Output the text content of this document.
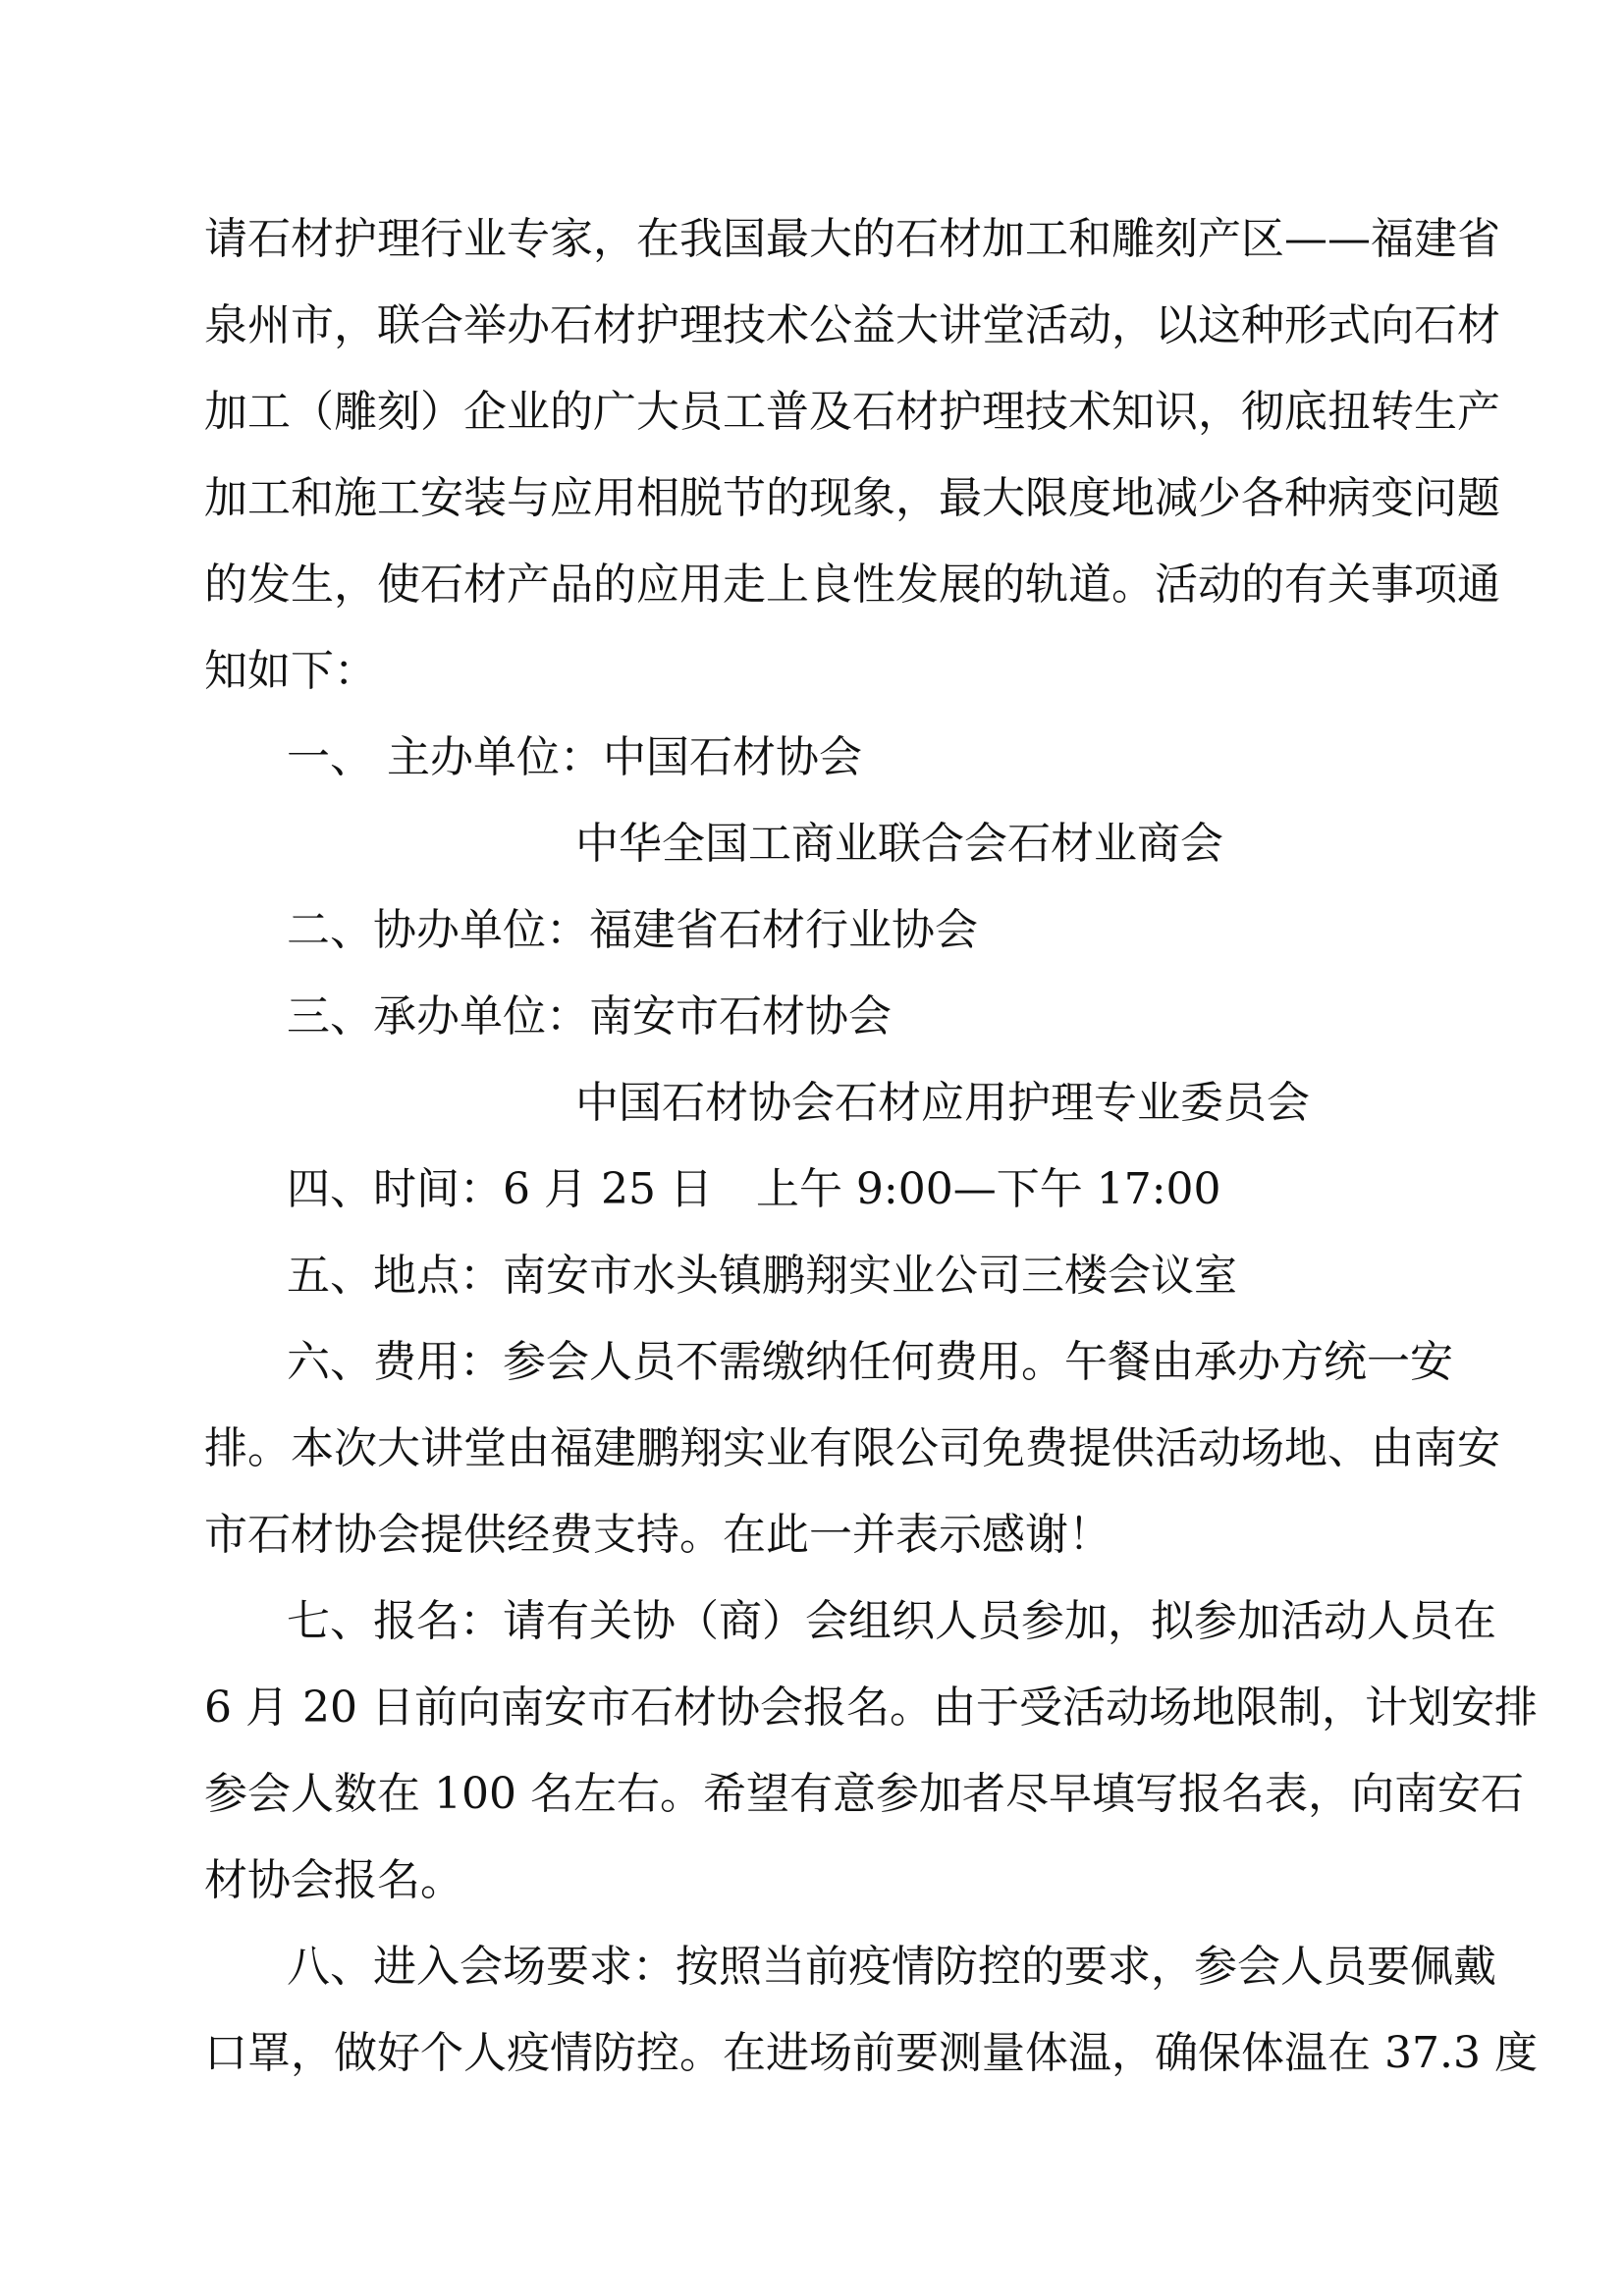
请石材护理行业专家，在我国最大的石材加工和雕刻产区——福建省
泉州市，联合举办石材护理技术公益大讲堂活动，以这种形式向石材
加工（雕刻）企业的广大员工普及石材护理技术知识，彻底扭转生产
加工和施工安装与应用相脱节的现象，最大限度地减少各种病变问题
的发生，使石材产品的应用走上良性发展的轨道。活动的有关事项通
知如下：
一、 主办单位：中国石材协会
中华全国工商业联合会石材业商会
二、协办单位：福建省石材行业协会
三、承办单位：南安市石材协会
中国石材协会石材应用护理专业委员会
四、时间：6 月 25 日　上午 9:00—下午 17:00
五、地点：南安市水头镇鹏翔实业公司三楼会议室
六、费用：参会人员不需缴纳任何费用。午餐由承办方统一安
排。本次大讲堂由福建鹏翔实业有限公司免费提供活动场地、由南安
市石材协会提供经费支持。在此一并表示感谢！
七、报名：请有关协（商）会组织人员参加，拟参加活动人员在
6 月 20 日前向南安市石材协会报名。由于受活动场地限制，计划安排
参会人数在 100 名左右。希望有意参加者尽早填写报名表，向南安石
材协会报名。
八、进入会场要求：按照当前疫情防控的要求，参会人员要佩戴
口罩，做好个人疫情防控。在进场前要测量体温，确保体温在 37.3 度
